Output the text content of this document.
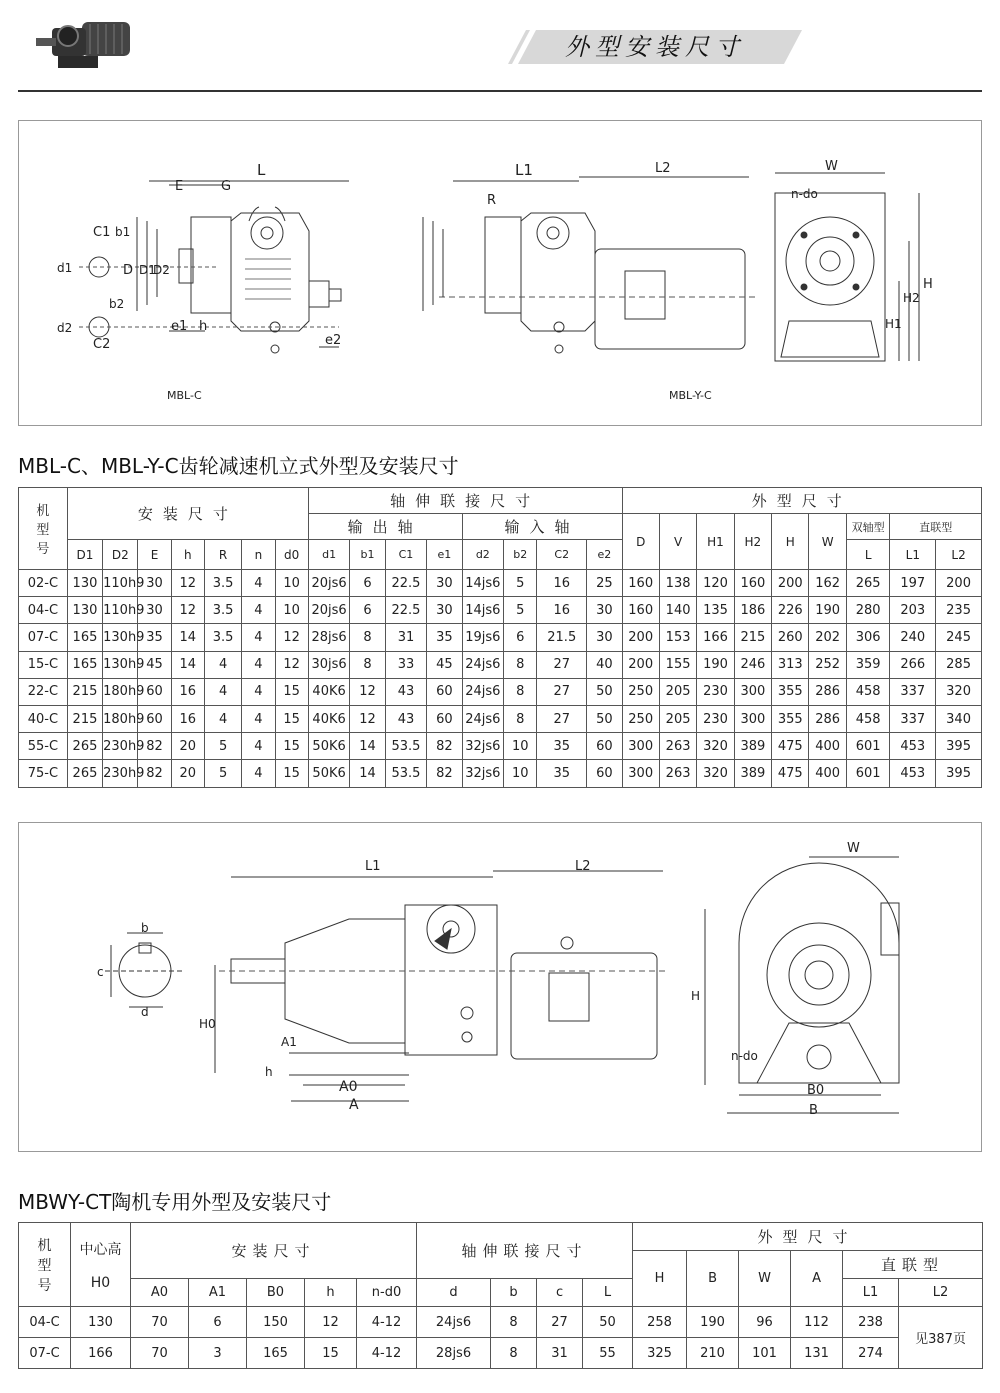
外型安装尺寸
L
E	G
C1 b1
d1	D D1
D2
b2
d2
C2
e1 h
e2
L1
R
L2	W
n-do
H
H1
H2
MBL-C	MBL-Y-C
MBL-C、MBL-Y-C齿轮减速机立式外型及安装尺寸
机
型
号	安装尺寸							轴伸联接尺寸								外型尺寸								
								输出轴				输入轴				D	V	H1	H2	H	W	双轴型	直联型	
	D1	D2	E	h	R	n	d0	d1	b1	C1	e1	d2	b2	C2	e2							L	L1	L2
02-C	130	110h9	30	12	3.5	4	10	20js6	6	22.5	30	14js6	5	16	25	160	138	120	160	200	162	265	197	200
04-C	130	110h9	30	12	3.5	4	10	20js6	6	22.5	30	14js6	5	16	30	160	140	135	186	226	190	280	203	235
07-C	165	130h9	35	14	3.5	4	12	28js6	8	31	35	19js6	6	21.5	30	200	153	166	215	260	202	306	240	245
15-C	165	130h9	45	14	4	4	12	30js6	8	33	45	24js6	8	27	40	200	155	190	246	313	252	359	266	285
22-C	215	180h9	60	16	4	4	15	40K6	12	43	60	24js6	8	27	50	250	205	230	300	355	286	458	337	320
40-C	215	180h9	60	16	4	4	15	40K6	12	43	60	24js6	8	27	50	250	205	230	300	355	286	458	337	340
55-C	265	230h9	82	20	5	4	15	50K6	14	53.5	82	32js6	10	35	60	300	263	320	389	475	400	601	453	395
75-C	265	230h9	82	20	5	4	15	50K6	14	53.5	82	32js6	10	35	60	300	263	320	389	475	400	601	453	395
L1	L2
W
b
c
d
H0
A1
h
A0
A
H
n-do
B0
B
MBWY-CT陶机专用外型及安装尺寸
机
型
号	中心高

H0	安装尺寸					轴伸联接尺寸				外型尺寸					
											H	B	W	A	直联型	
		A0	A1	B0	h	n-d0	d	b	c	L					L1	L2
04-C	130	70	6	150	12	4-12	24js6	8	27	50	258	190	96	112	238	见387页
07-C	166	70	3	165	15	4-12	28js6	8	31	55	325	210	101	131	274	
